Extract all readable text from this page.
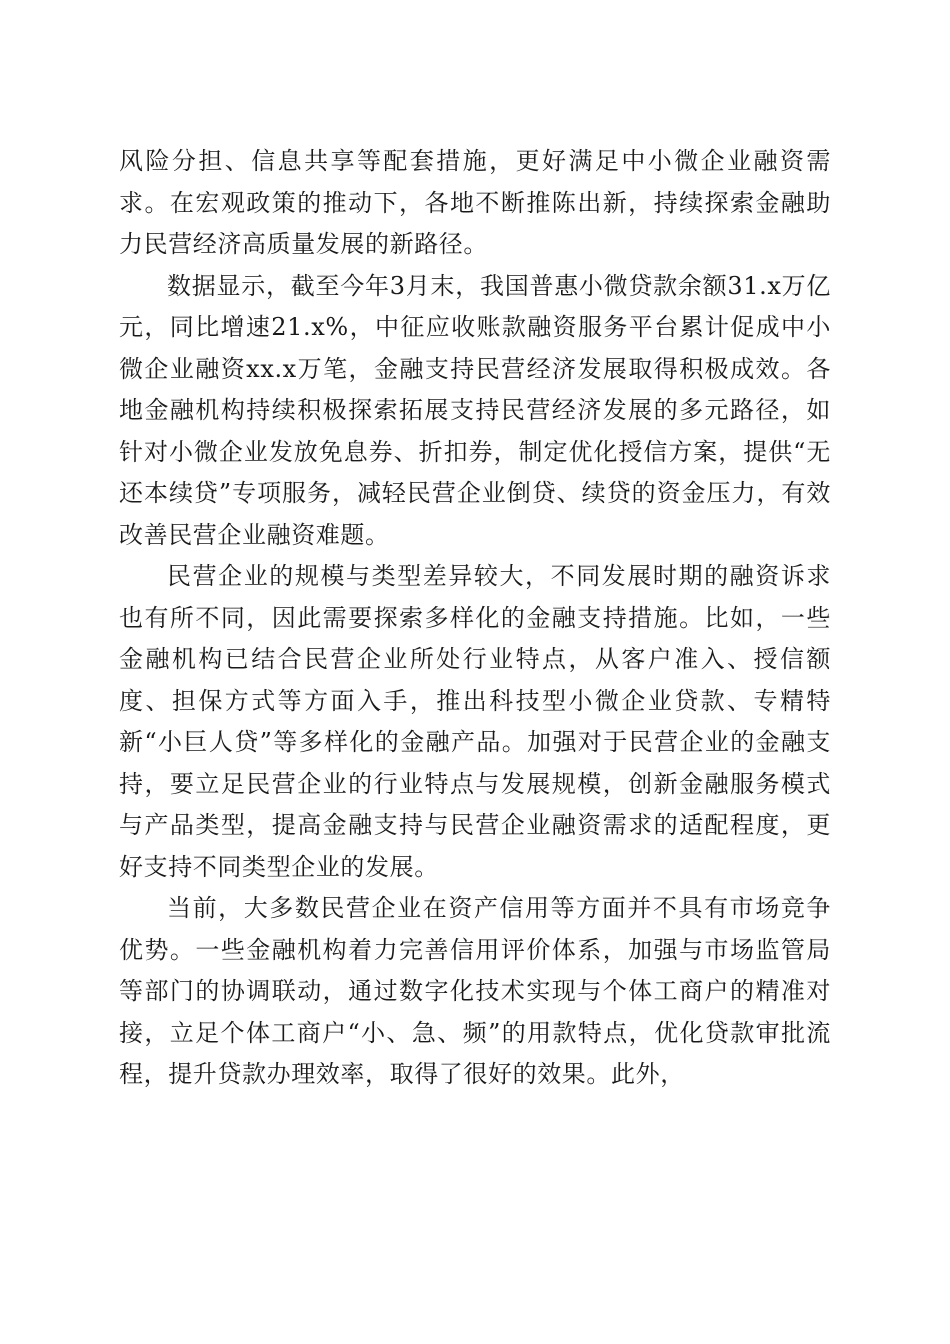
风险分担、信息共享等配套措施，更好满足中小微企业融资需求。在宏观政策的推动下，各地不断推陈出新，持续探索金融助力民营经济高质量发展的新路径。

数据显示，截至今年3月末，我国普惠小微贷款余额31.x万亿元，同比增速21.x%，中征应收账款融资服务平台累计促成中小微企业融资xx.x万笔，金融支持民营经济发展取得积极成效。各地金融机构持续积极探索拓展支持民营经济发展的多元路径，如针对小微企业发放免息券、折扣券，制定优化授信方案，提供“无还本续贷”专项服务，减轻民营企业倒贷、续贷的资金压力，有效改善民营企业融资难题。

民营企业的规模与类型差异较大，不同发展时期的融资诉求也有所不同，因此需要探索多样化的金融支持措施。比如，一些金融机构已结合民营企业所处行业特点，从客户准入、授信额度、担保方式等方面入手，推出科技型小微企业贷款、专精特新“小巨人贷”等多样化的金融产品。加强对于民营企业的金融支持，要立足民营企业的行业特点与发展规模，创新金融服务模式与产品类型，提高金融支持与民营企业融资需求的适配程度，更好支持不同类型企业的发展。

当前，大多数民营企业在资产信用等方面并不具有市场竞争优势。一些金融机构着力完善信用评价体系，加强与市场监管局等部门的协调联动，通过数字化技术实现与个体工商户的精准对接，立足个体工商户“小、急、频”的用款特点，优化贷款审批流程，提升贷款办理效率，取得了很好的效果。此外，
